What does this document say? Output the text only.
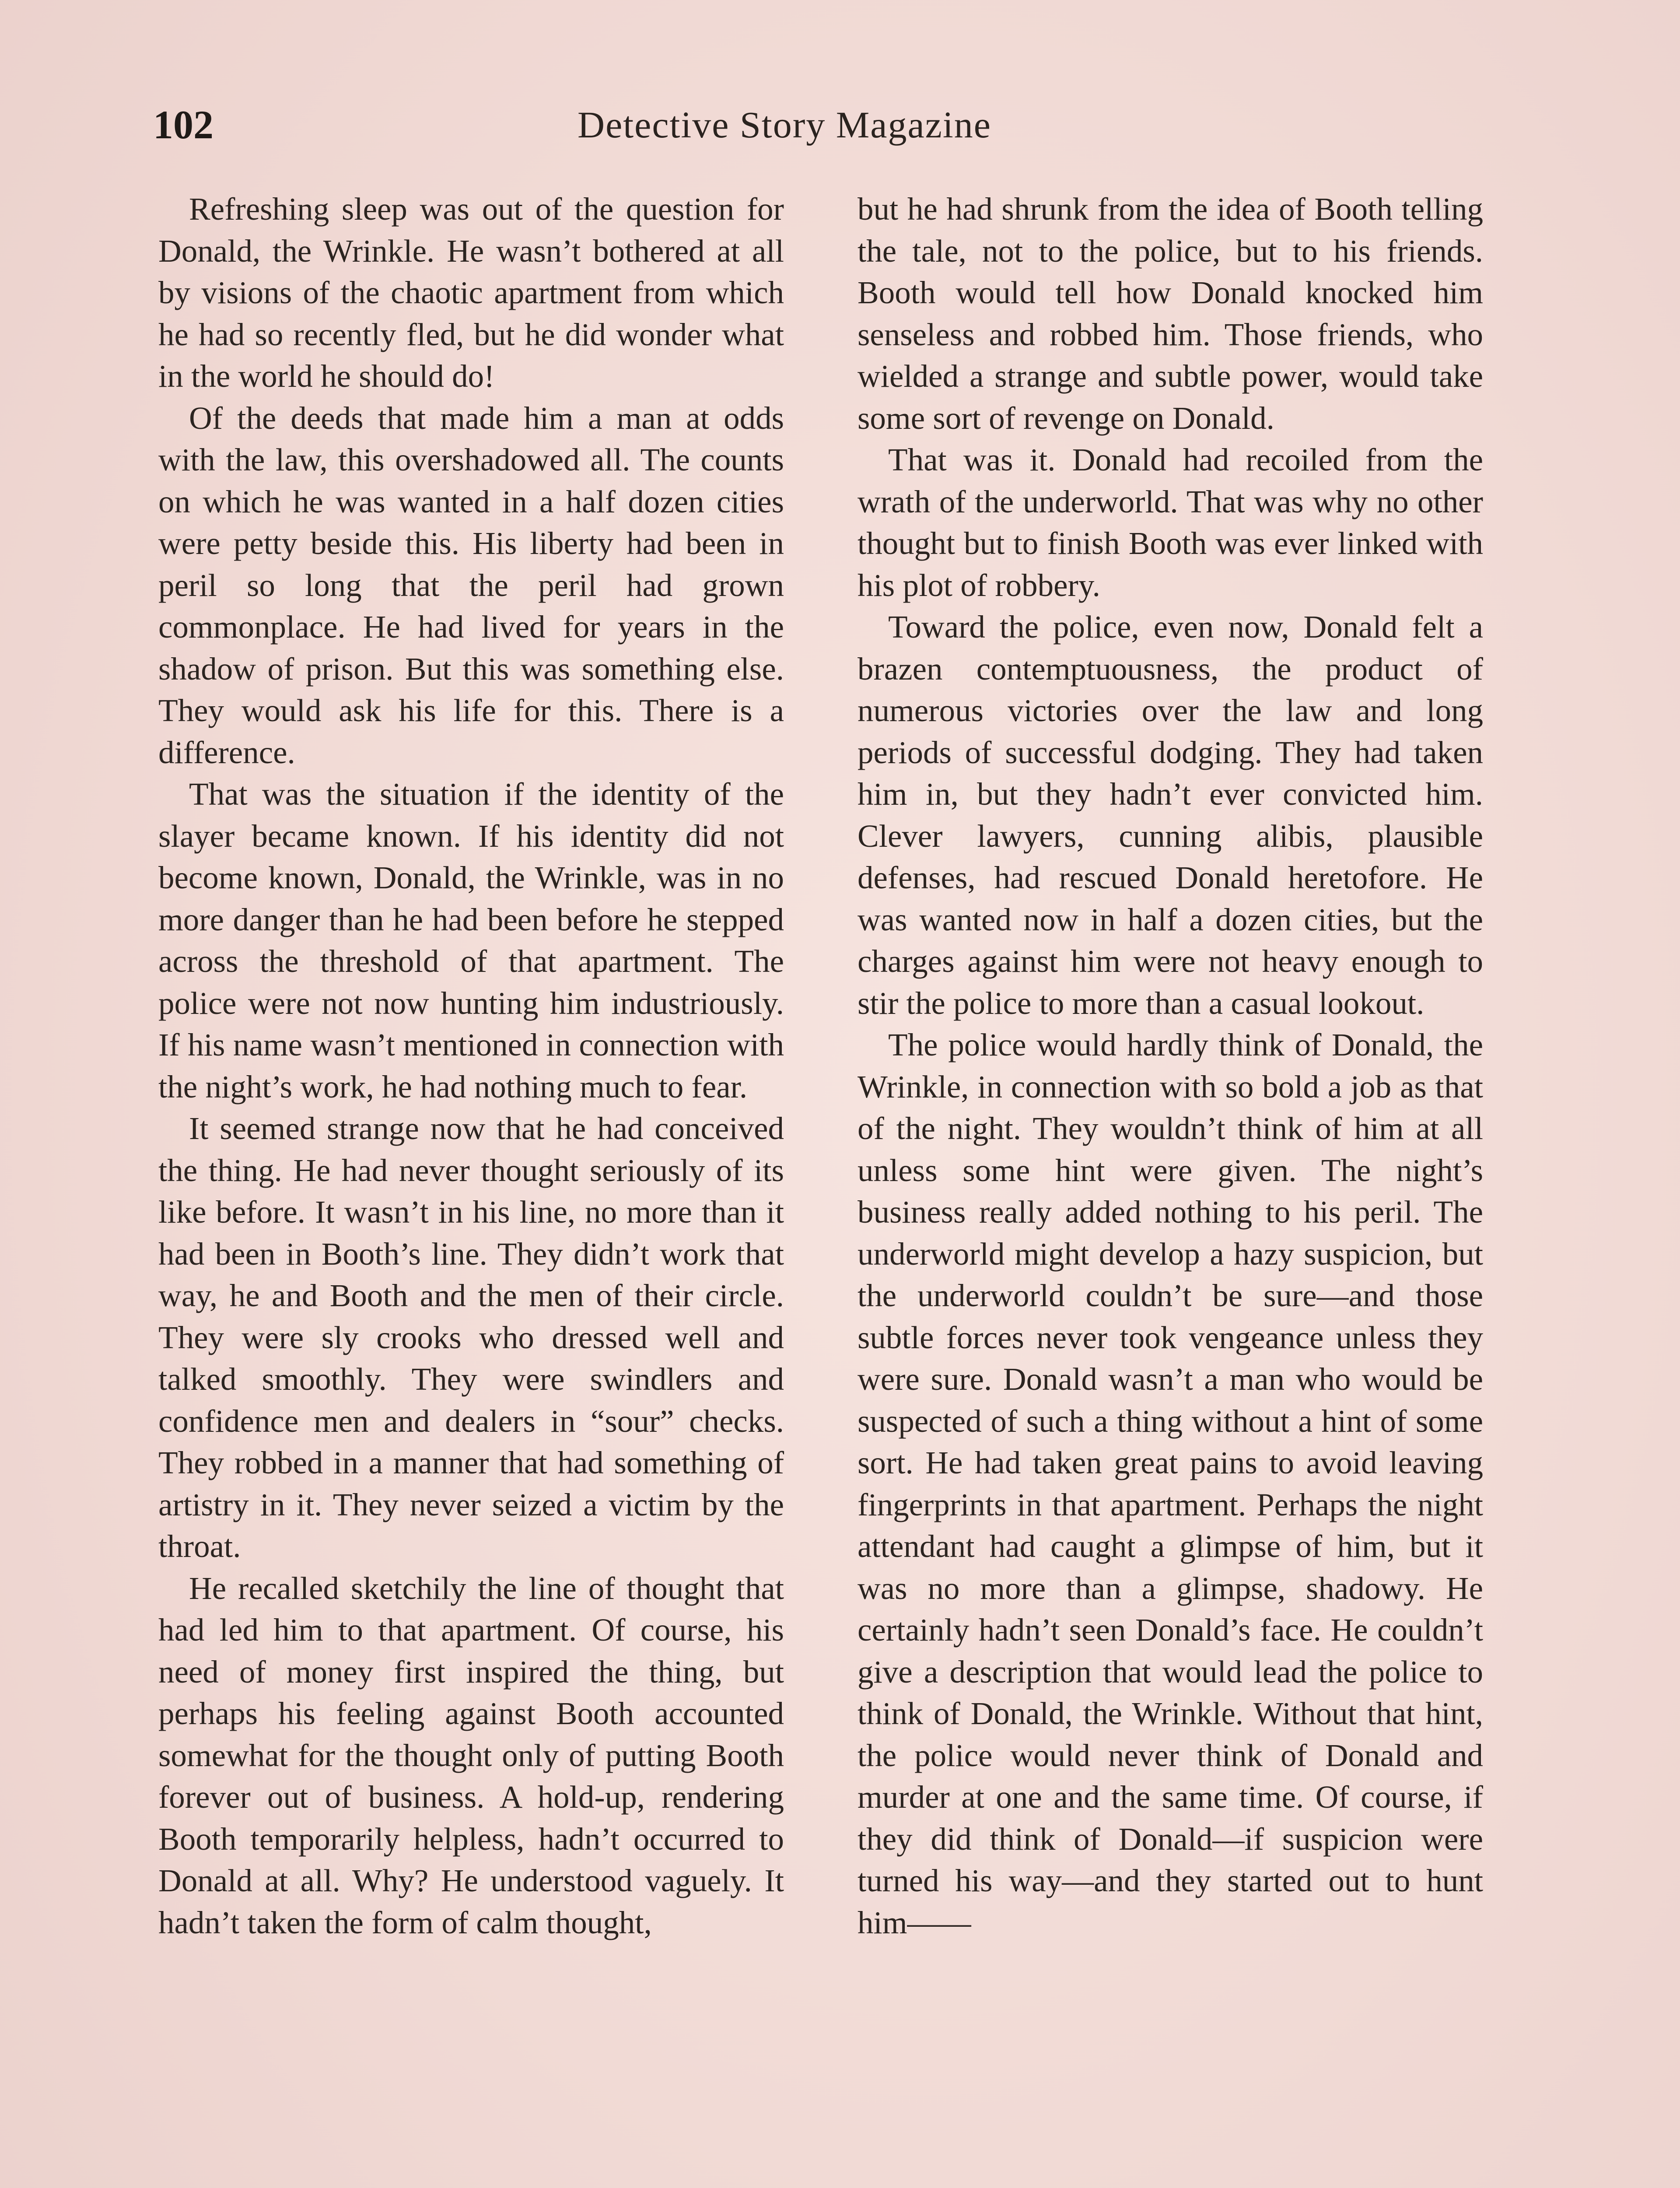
102	Detective Story Magazine

Refreshing sleep was out of the question for Donald, the Wrinkle. He wasn’t bothered at all by visions of the chaotic apartment from which he had so recently fled, but he did wonder what in the world he should do!

Of the deeds that made him a man at odds with the law, this overshadowed all. The counts on which he was wanted in a half dozen cities were petty beside this. His liberty had been in peril so long that the peril had grown commonplace. He had lived for years in the shadow of prison. But this was something else. They would ask his life for this. There is a difference.

That was the situation if the identity of the slayer became known. If his identity did not become known, Donald, the Wrinkle, was in no more danger than he had been before he stepped across the threshold of that apartment. The police were not now hunting him industriously. If his name wasn’t mentioned in connection with the night’s work, he had nothing much to fear.

It seemed strange now that he had conceived the thing. He had never thought seriously of its like before. It wasn’t in his line, no more than it had been in Booth’s line. They didn’t work that way, he and Booth and the men of their circle. They were sly crooks who dressed well and talked smoothly. They were swindlers and confidence men and dealers in “sour” checks. They robbed in a manner that had something of artistry in it. They never seized a victim by the throat.

He recalled sketchily the line of thought that had led him to that apartment. Of course, his need of money first inspired the thing, but perhaps his feeling against Booth accounted somewhat for the thought only of putting Booth forever out of business. A hold-up, rendering Booth temporarily helpless, hadn’t occurred to Donald at all. Why? He understood vaguely. It hadn’t taken the form of calm thought,

but he had shrunk from the idea of Booth telling the tale, not to the police, but to his friends. Booth would tell how Donald knocked him senseless and robbed him. Those friends, who wielded a strange and subtle power, would take some sort of revenge on Donald.

That was it. Donald had recoiled from the wrath of the underworld. That was why no other thought but to finish Booth was ever linked with his plot of robbery.

Toward the police, even now, Donald felt a brazen contemptuousness, the product of numerous victories over the law and long periods of successful dodging. They had taken him in, but they hadn’t ever convicted him. Clever lawyers, cunning alibis, plausible defenses, had rescued Donald heretofore. He was wanted now in half a dozen cities, but the charges against him were not heavy enough to stir the police to more than a casual lookout.

The police would hardly think of Donald, the Wrinkle, in connection with so bold a job as that of the night. They wouldn’t think of him at all unless some hint were given. The night’s business really added nothing to his peril. The underworld might develop a hazy suspicion, but the underworld couldn’t be sure—and those subtle forces never took vengeance unless they were sure. Donald wasn’t a man who would be suspected of such a thing without a hint of some sort. He had taken great pains to avoid leaving fingerprints in that apartment. Perhaps the night attendant had caught a glimpse of him, but it was no more than a glimpse, shadowy. He certainly hadn’t seen Donald’s face. He couldn’t give a description that would lead the police to think of Donald, the Wrinkle. Without that hint, the police would never think of Donald and murder at one and the same time. Of course, if they did think of Donald—if suspicion were turned his way—and they started out to hunt him——
